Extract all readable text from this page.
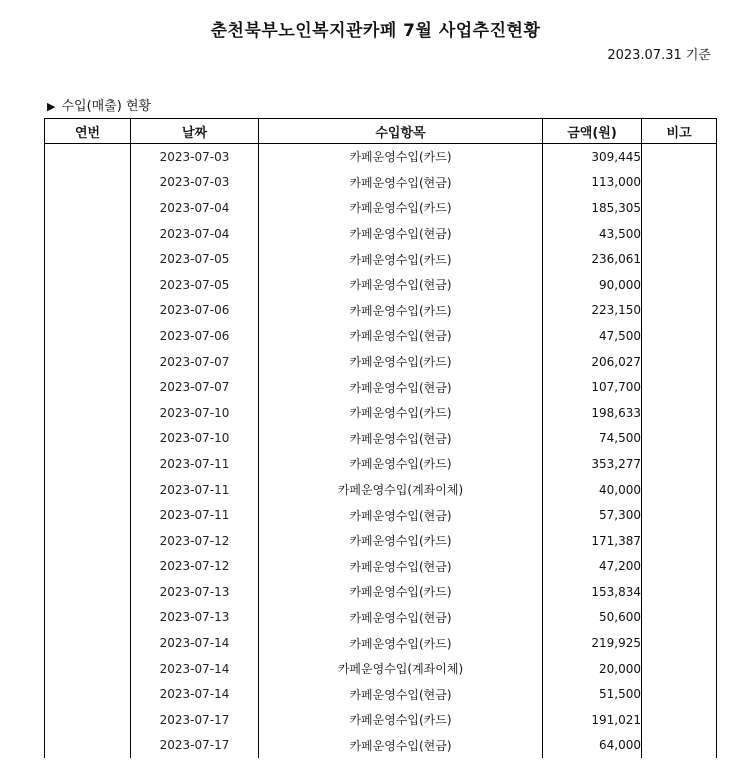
춘천북부노인복지관카페 7월 사업추진현황
2023.07.31 기준
▶ 수입(매출) 현황
연번	날짜	수입항목	금액(원)	비고
	2023-07-03	카페운영수입(카드)	309,445	
	2023-07-03	카페운영수입(현금)	113,000	
	2023-07-04	카페운영수입(카드)	185,305	
	2023-07-04	카페운영수입(현금)	43,500	
	2023-07-05	카페운영수입(카드)	236,061	
	2023-07-05	카페운영수입(현금)	90,000	
	2023-07-06	카페운영수입(카드)	223,150	
	2023-07-06	카페운영수입(현금)	47,500	
	2023-07-07	카페운영수입(카드)	206,027	
	2023-07-07	카페운영수입(현금)	107,700	
	2023-07-10	카페운영수입(카드)	198,633	
	2023-07-10	카페운영수입(현금)	74,500	
	2023-07-11	카페운영수입(카드)	353,277	
	2023-07-11	카페운영수입(계좌이체)	40,000	
	2023-07-11	카페운영수입(현금)	57,300	
	2023-07-12	카페운영수입(카드)	171,387	
	2023-07-12	카페운영수입(현금)	47,200	
	2023-07-13	카페운영수입(카드)	153,834	
	2023-07-13	카페운영수입(현금)	50,600	
	2023-07-14	카페운영수입(카드)	219,925	
	2023-07-14	카페운영수입(계좌이체)	20,000	
	2023-07-14	카페운영수입(현금)	51,500	
	2023-07-17	카페운영수입(카드)	191,021	
	2023-07-17	카페운영수입(현금)	64,000	
